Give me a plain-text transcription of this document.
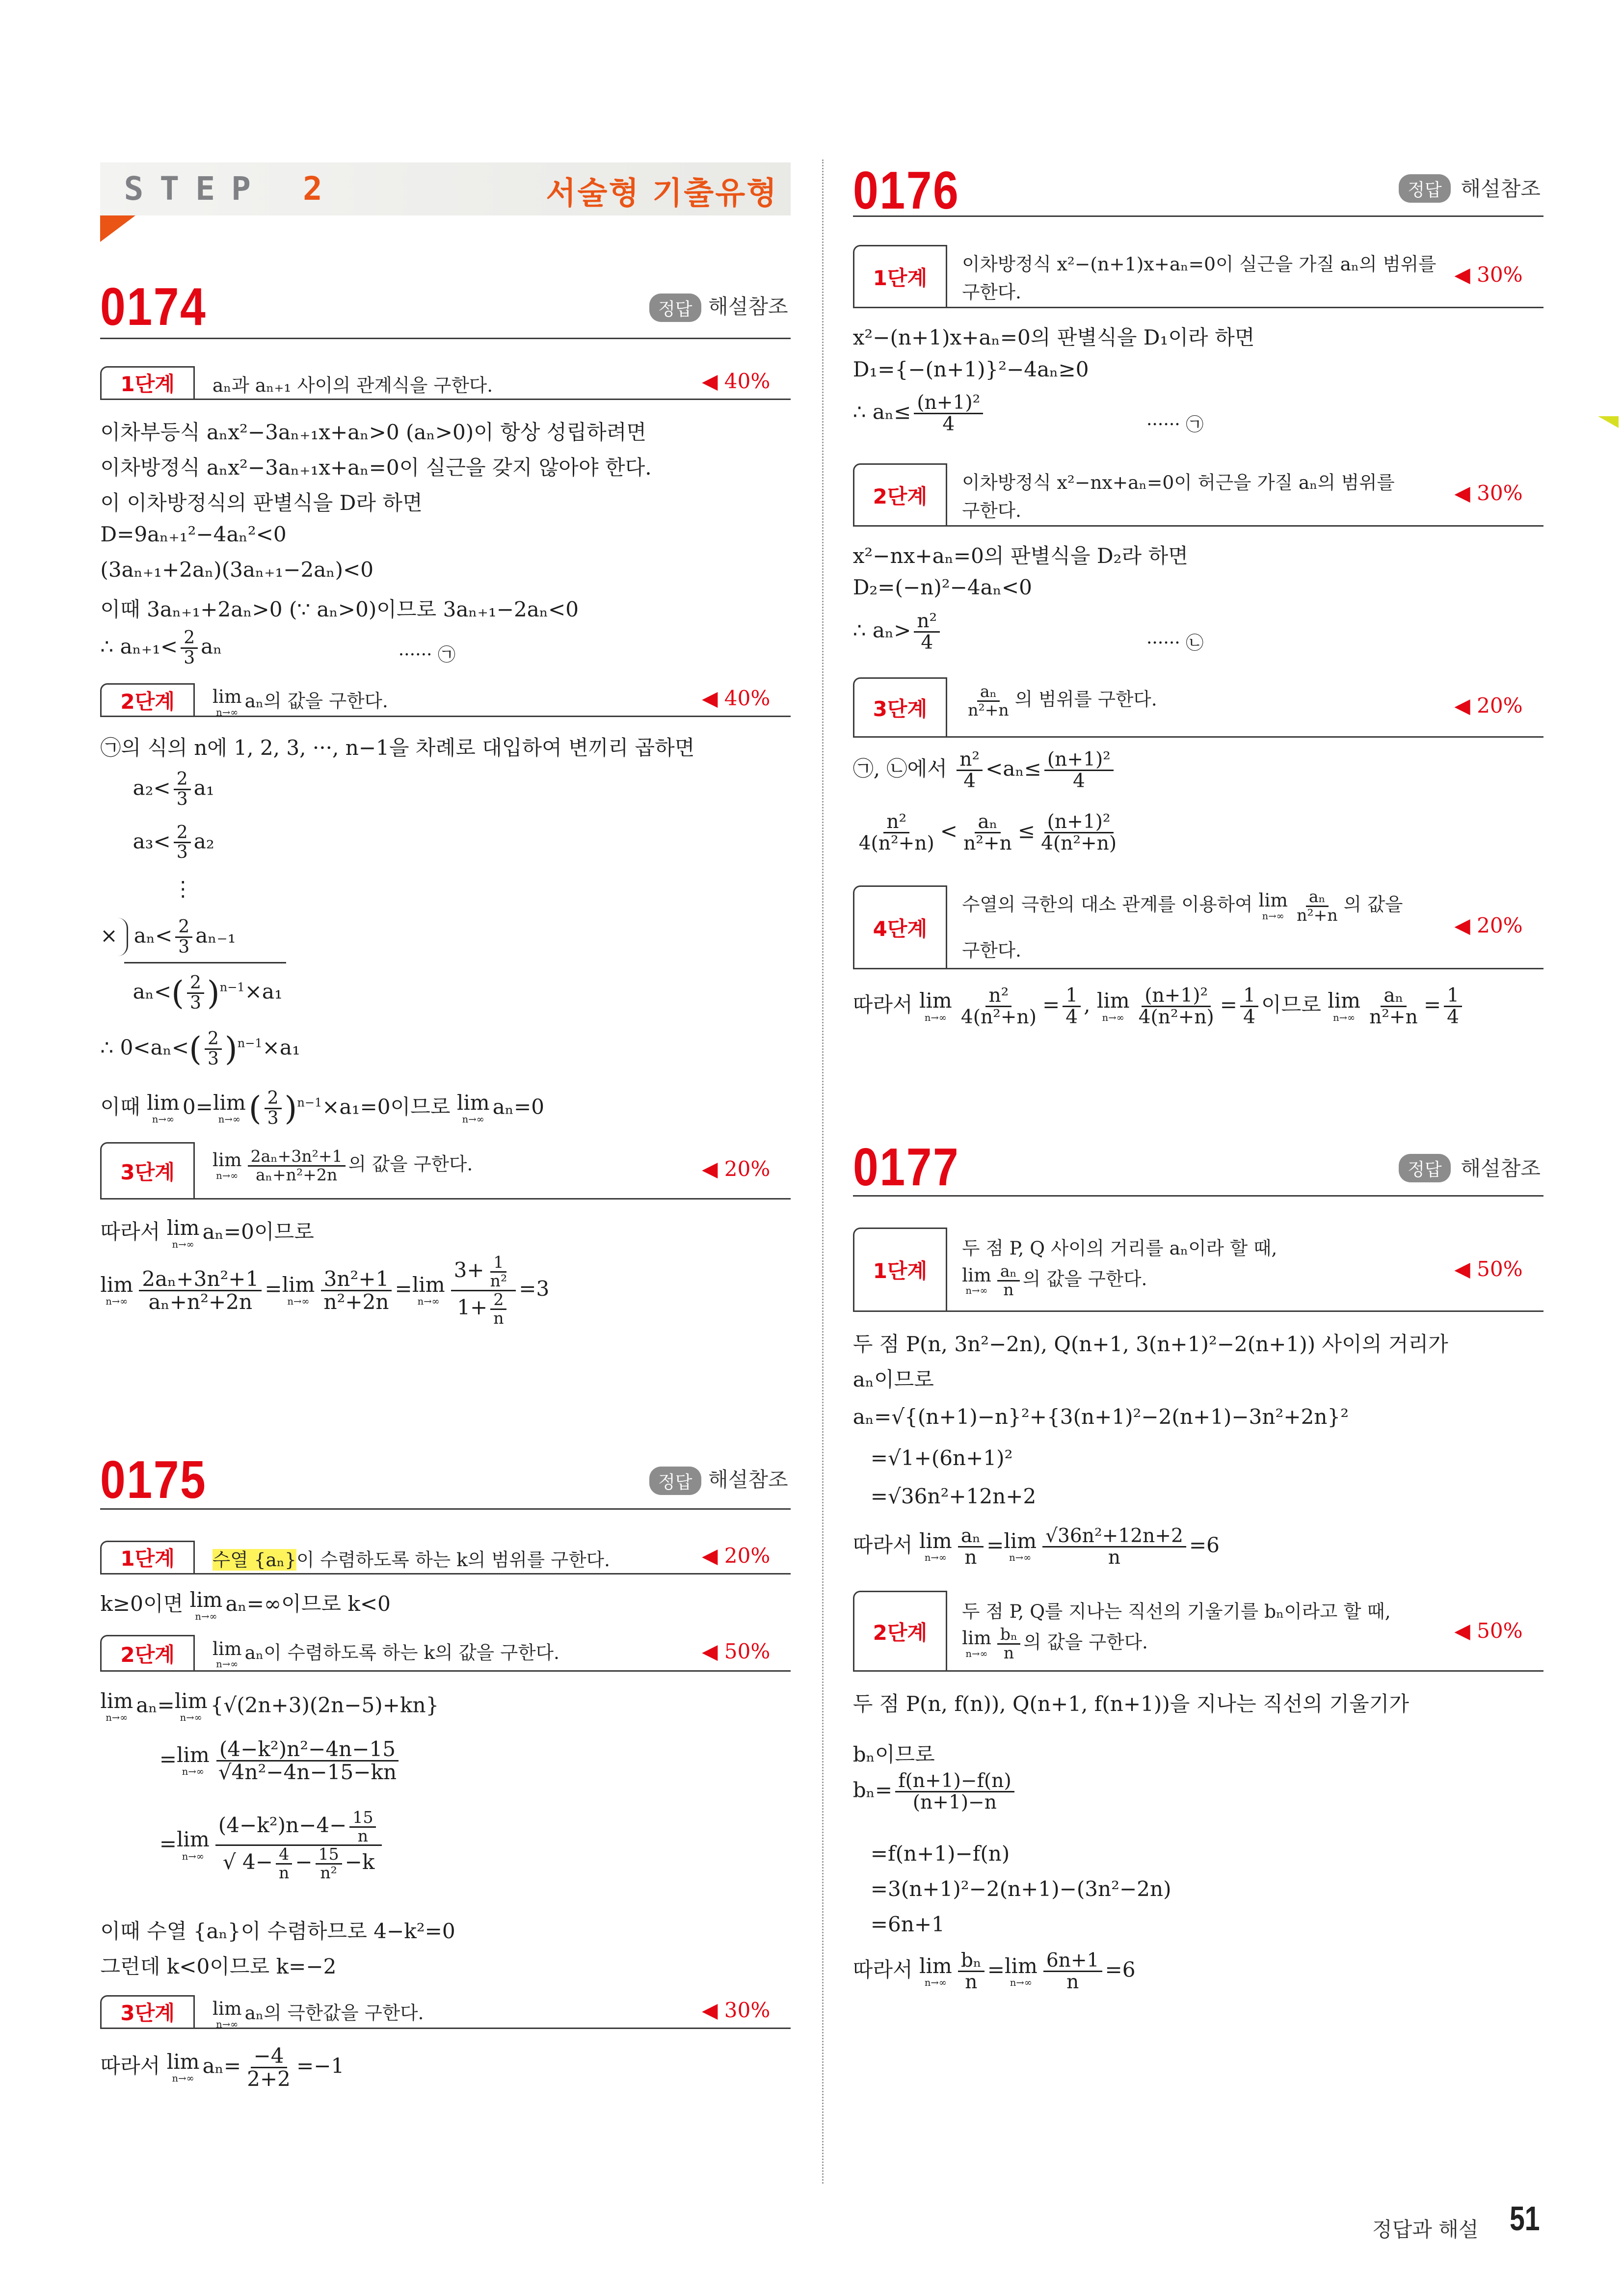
STEP 2	서술형 기출유형
0174	정답	해설참조
1단계	aₙ과 aₙ₊₁ 사이의 관계식을 구한다.	◀ 40%
이차부등식 aₙx²−3aₙ₊₁x+aₙ>0 (aₙ>0)이 항상 성립하려면
이차방정식 aₙx²−3aₙ₊₁x+aₙ=0이 실근을 갖지 않아야 한다.
이 이차방정식의 판별식을 D라 하면
D=9aₙ₊₁²−4aₙ²<0
(3aₙ₊₁+2aₙ)(3aₙ₊₁−2aₙ)<0
이때 3aₙ₊₁+2aₙ>0 (∵ aₙ>0)이므로 3aₙ₊₁−2aₙ<0
∴ $a_{n+1}< \frac{2}{3}$ aₙ	······ ㉠
2단계	lim
n→∞
aₙ의 값을 구한다.	◀ 40%
㉠의 식의 n에 1, 2, 3, ···, n−1을 차례로 대입하여 변끼리 곱하면
$a_2< \frac{2}{3} a_1$
$a_3< \frac{2}{3} a_2$
⋮
× $a_n< \frac{2}{3} a_{n-1}$
$a_n<( \frac{2}{3} )^{n-1}\times a_1$
∴ $0<a_n<( \frac{2}{3} )^{n-1}\times a_1$
이때 lim
n→∞
0= lim
n→∞ ( $\frac{2}{3} )^{n-1}\times a_1=0$이므로 lim
n→∞
aₙ=0
3단계
lim
$n\to\infty \frac{\text{2aₙ+3n²+1}}{\text{aₙ+n²+2n}}$ 의 값을 구한다.	◀ 20%
따라서 lim
n→∞
aₙ=0이므로
lim
$n\to\infty \frac{\text{2aₙ+3n²+1}}{\text{aₙ+n²+2n}} = \lim$
$n\to\infty \frac{\text{3n²+1}}{\text{n²+2n}} = \lim$
$n\to\infty \frac{3+ \frac{1}{\text{n²}}}{1+ \frac{2}{n}} =3$
0175	정답	해설참조
1단계	수열 {aₙ}이 수렴하도록 하는 k의 범위를 구한다.	◀ 20%
k≥0이면 lim
n→∞
aₙ=∞이므로 k<0
2단계	lim
n→∞
aₙ이 수렴하도록 하는 k의 값을 구한다.	◀ 50%
lim
n→∞
aₙ= lim
n→∞
{√(2n+3)(2n−5)+kn}
= lim
$n\to\infty \frac{\text{(4−k²)n²−4n−15}}{\text{√4n²−4n−15−kn}}$
= lim
$n\to\infty \frac{(4-k^2)n-4- \frac{15}{n}}{√ 4- \frac{4}{n} - \frac{15}{\text{n²}} -k}$
이때 수열 {aₙ}이 수렴하므로 4−k²=0
그런데 k<0이므로 k=−2
3단계	lim
n→∞
aₙ의 극한값을 구한다.	◀ 30%
따라서 lim
n→∞
$a_n= \frac{-4}{2+2} =-1$
0176	정답	해설참조
1단계
이차방정식 x²−(n+1)x+aₙ=0이 실근을 가질 aₙ의 범위를
구한다.
◀ 30%
x²−(n+1)x+aₙ=0의 판별식을 D₁이라 하면
D₁={−(n+1)}²−4aₙ≥0
∴ $a_n\le \frac{\text{(n+1)²}}{4}$	······ ㉠
2단계
이차방정식 x²−nx+aₙ=0이 허근을 가질 aₙ의 범위를
구한다.
◀ 30%
x²−nx+aₙ=0의 판별식을 D₂라 하면
D₂=(−n)²−4aₙ<0
∴ $a_n> \frac{\text{n²}}{4}$	······ ㉡
3단계	$\frac{\text{aₙ}}{\text{n²+n}}$ 의 범위를 구한다.	◀ 20%
㉠, ㉡에서 $\frac{\text{n²}}{4} <a_n\le \frac{\text{(n+1)²}}{4}$
$\frac{\text{n²}}{\text{4(n²+n)}} < \frac{\text{aₙ}}{\text{n²+n}} \le \frac{\text{(n+1)²}}{\text{4(n²+n)}}$
4단계
수열의 극한의 대소 관계를 이용하여 lim
$n\to\infty \frac{\text{aₙ}}{\text{n²+n}}$ 의 값을
구한다.
◀ 20%
따라서 lim
$n\to\infty \frac{\text{n²}}{\text{4(n²+n)}} = \frac{1}{4}$ , lim
$n\to\infty \frac{\text{(n+1)²}}{\text{4(n²+n)}} = \frac{1}{4}$ 이므로 lim
$n\to\infty \frac{\text{aₙ}}{\text{n²+n}} = \frac{1}{4}$
0177	정답	해설참조
1단계
두 점 P, Q 사이의 거리를 aₙ이라 할 때,
lim
$n\to\infty \frac{\text{aₙ}}{n}$ 의 값을 구한다.	◀ 50%
두 점 P(n, 3n²−2n), Q(n+1, 3(n+1)²−2(n+1)) 사이의 거리가
aₙ이므로
aₙ=√{(n+1)−n}²+{3(n+1)²−2(n+1)−3n²+2n}²
=√1+(6n+1)²
=√36n²+12n+2
따라서 lim
$n\to\infty \frac{\text{aₙ}}{n} = \lim$
$n\to\infty \frac{\text{√36n²+12n+2}}{n} =6$
2단계
두 점 P, Q를 지나는 직선의 기울기를 bₙ이라고 할 때,
lim
$n\to\infty \frac{\text{bₙ}}{n}$ 의 값을 구한다.	◀ 50%
두 점 P(n, f(n)), Q(n+1, f(n+1))을 지나는 직선의 기울기가
bₙ이므로
$b_n= \frac{f(n+1)-f(n)}{(n+1)-n}$
=f(n+1)−f(n)
=3(n+1)²−2(n+1)−(3n²−2n)
=6n+1
따라서 lim
$n\to\infty \frac{\text{bₙ}}{n} = \lim$
$n\to\infty \frac{6n+1}{n} =6$
정답과 해설	51
